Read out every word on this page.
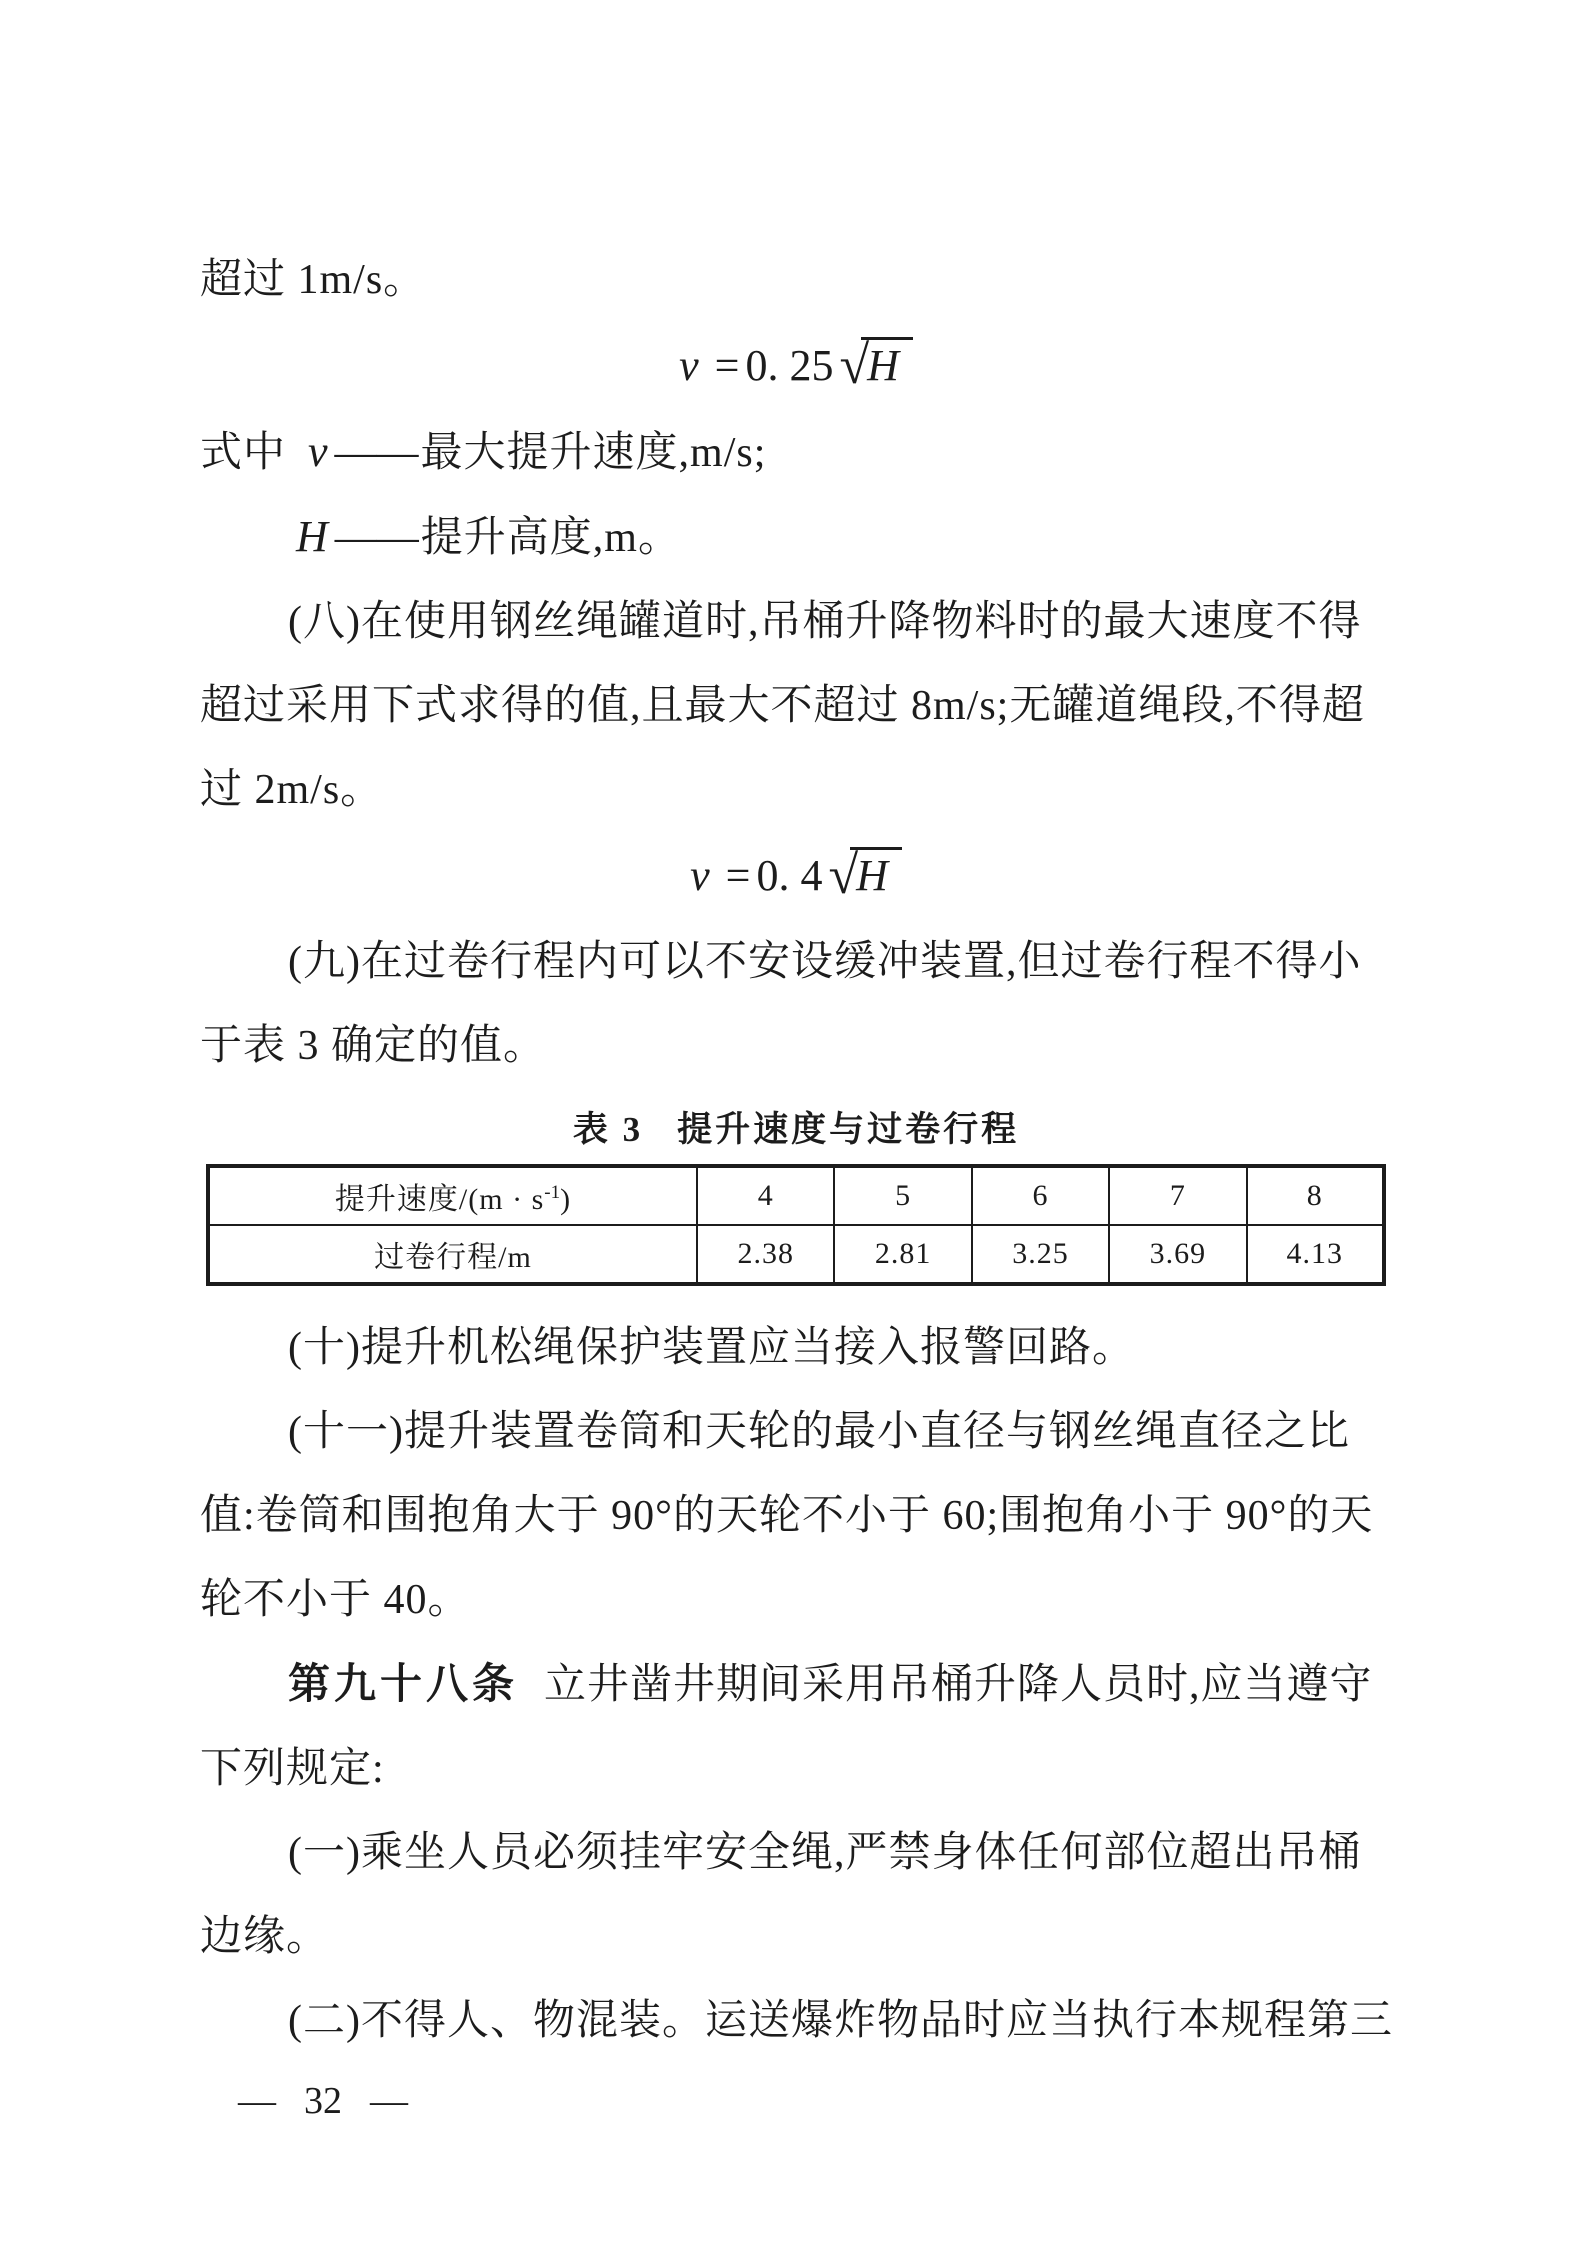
超过 1m/s。
v = 0. 25 √H
式中 v ——最大提升速度,m/s;
H ——提升高度,m。
(八)在使用钢丝绳罐道时,吊桶升降物料时的最大速度不得
超过采用下式求得的值,且最大不超过 8m/s;无罐道绳段,不得超
过 2m/s。
v = 0. 4 √H
(九)在过卷行程内可以不安设缓冲装置,但过卷行程不得小
于表 3 确定的值。
表 3 提升速度与过卷行程
提升速度$/(m \cdot s^{-1})$	4	5	6	7	8
过卷行程/m	2.38	2.81	3.25	3.69	4.13
(十)提升机松绳保护装置应当接入报警回路。
(十一)提升装置卷筒和天轮的最小直径与钢丝绳直径之比
值:卷筒和围抱角大于 90°的天轮不小于 60;围抱角小于 90°的天
轮不小于 40。
第九十八条 立井凿井期间采用吊桶升降人员时,应当遵守
下列规定:
(一)乘坐人员必须挂牢安全绳,严禁身体任何部位超出吊桶
边缘。
(二)不得人、物混装。运送爆炸物品时应当执行本规程第三
— 32 —
